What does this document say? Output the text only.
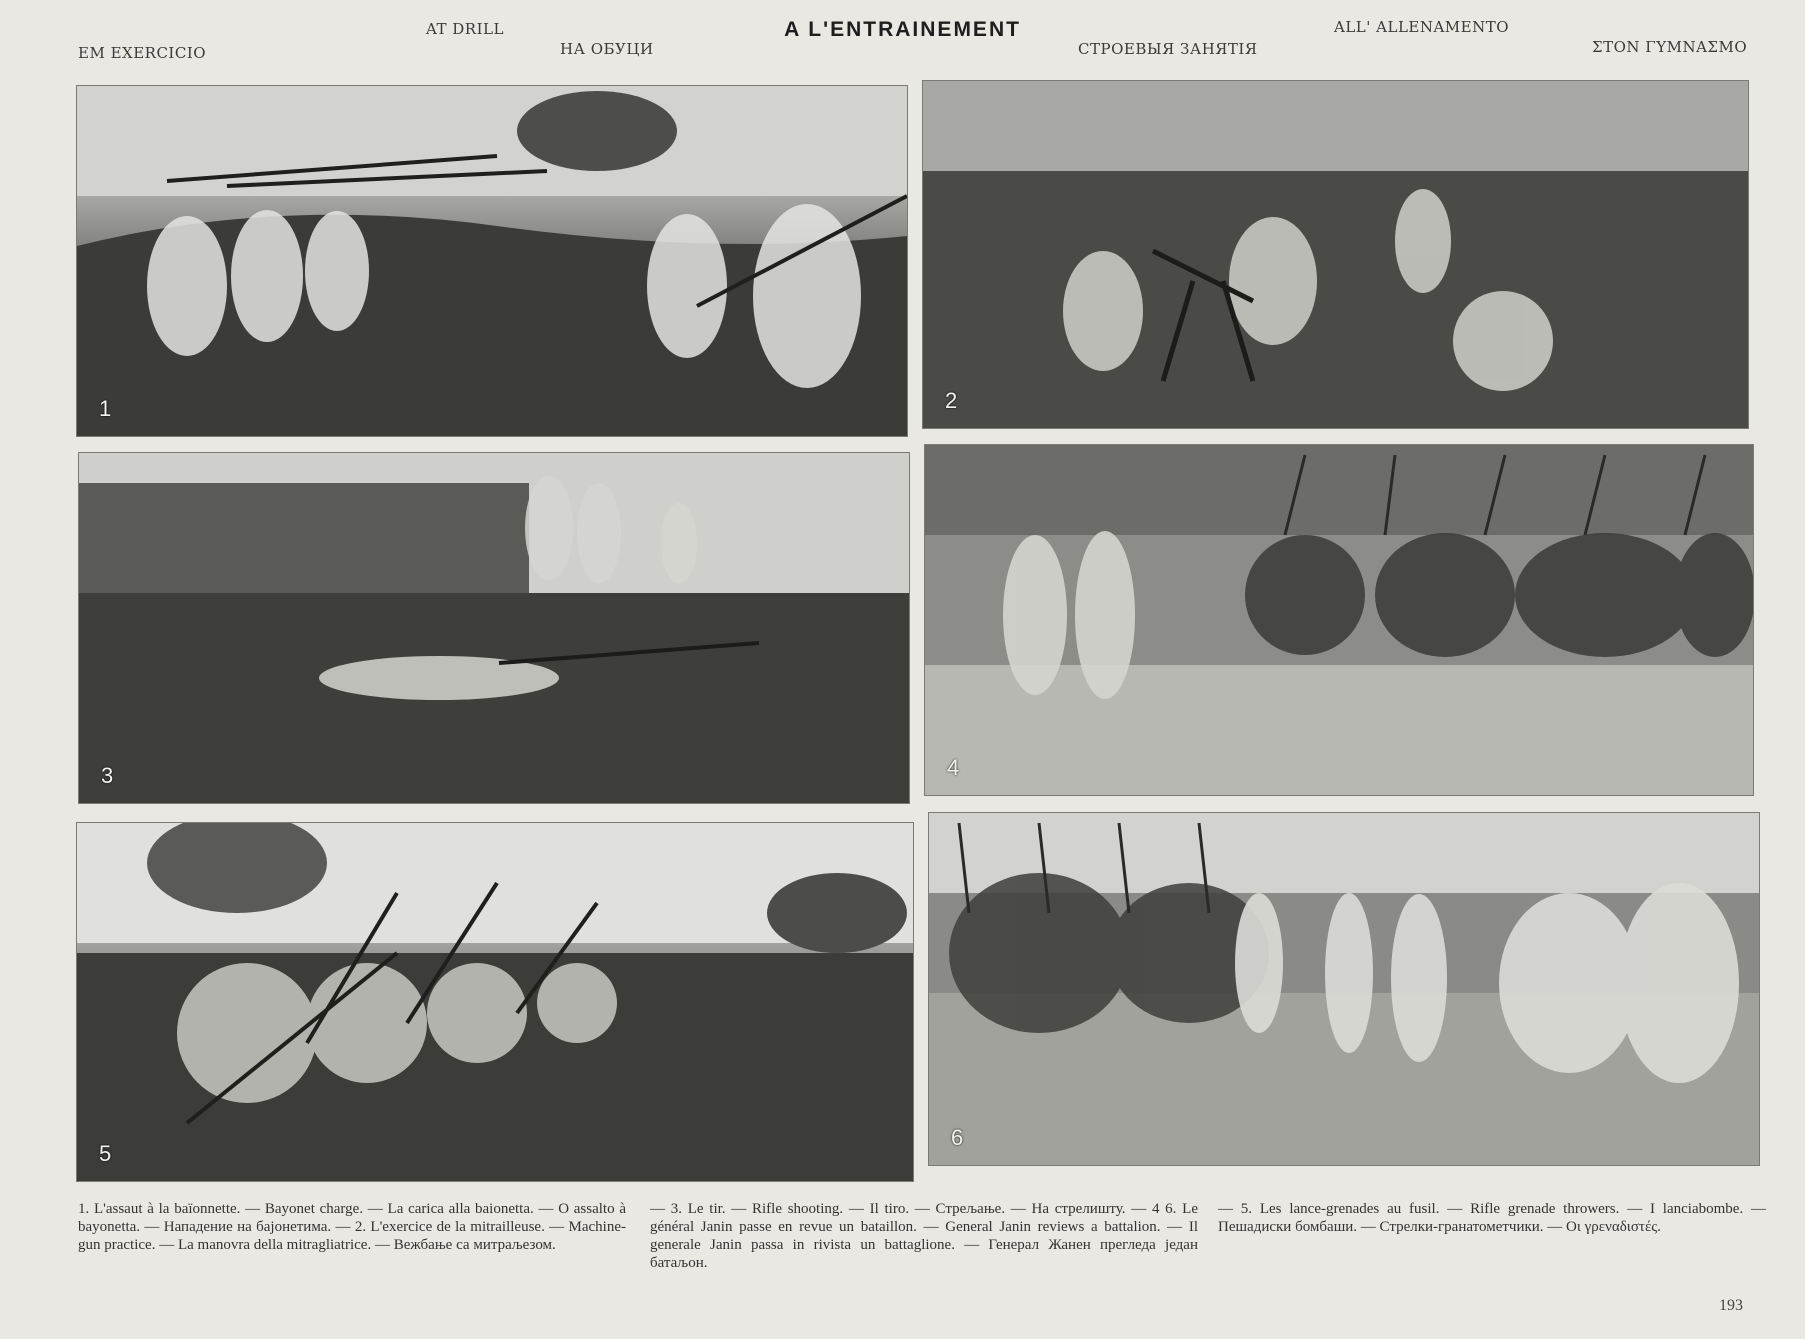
EM EXERCICIO
AT DRILL
НА ОБУЦИ
A L'ENTRAINEMENT
СТРОЕВЫЯ ЗАНЯТІЯ
ALL' ALLENAMENTO
ΣΤΟΝ ΓΥΜΝΑΣΜΟ
1	2
3	4
5
6
1. L'assaut à la baïonnette. — Bayonet charge. — La carica alla baionetta. — O assalto à bayonetta. — Нападение на бајонетима. — 2. L'exercice de la mitrailleuse. — Machine-gun practice. — La manovra della mitragliatrice. — Вежбање са митраљезом.
— 3. Le tir. — Rifle shooting. — Il tiro. — Стрељање. — На стрелишту. — 4 6. Le général Janin passe en revue un bataillon. — General Janin reviews a battalion. — Il generale Janin passa in rivista un battaglione. — Генерал Жанен прегледа један батаљон.
— 5. Les lance-grenades au fusil. — Rifle grenade throwers. — I lanciabombe. — Пешадиски бомбаши. — Стрелки-гранатометчики. — Οι γρεναδιστές.
193
